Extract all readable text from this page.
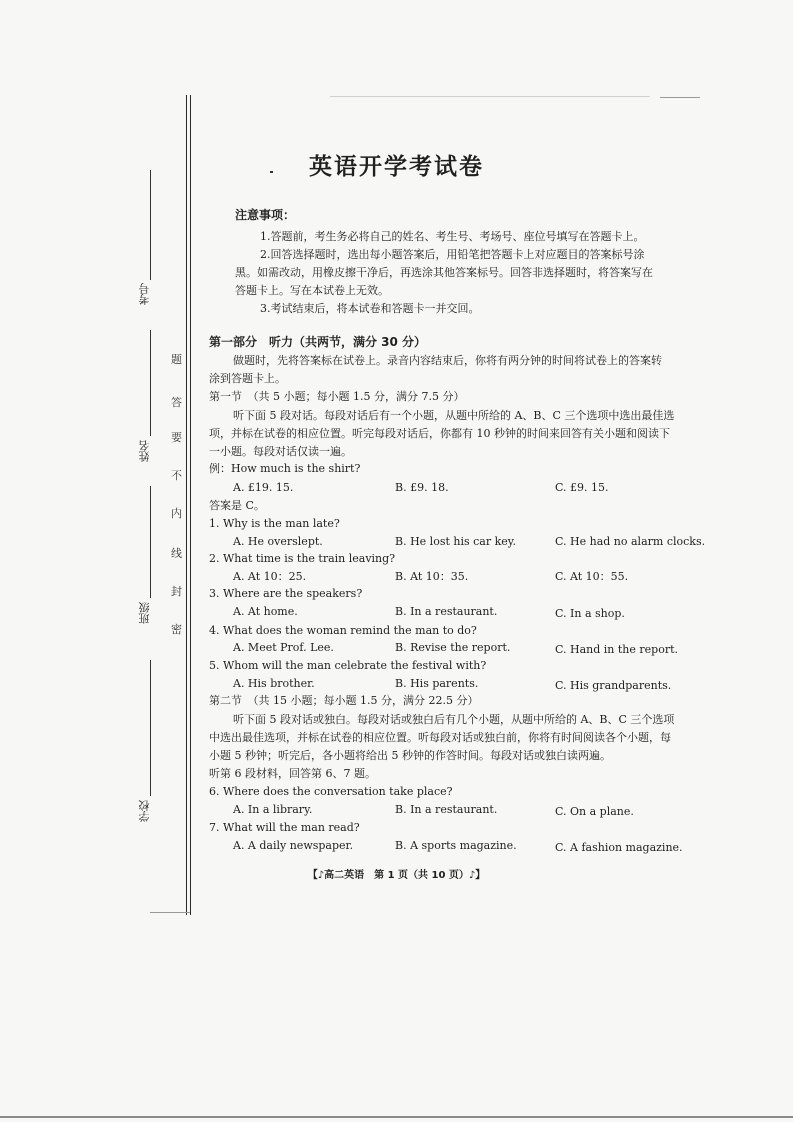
考号
姓名
班级
学校
题
答
要
不
内
线
封
密
英语开学考试卷
注意事项：
1.答题前，考生务必将自己的姓名、考生号、考场号、座位号填写在答题卡上。
2.回答选择题时，选出每小题答案后，用铅笔把答题卡上对应题目的答案标号涂
黑。如需改动，用橡皮擦干净后，再选涂其他答案标号。回答非选择题时，将答案写在
答题卡上。写在本试卷上无效。
3.考试结束后，将本试卷和答题卡一并交回。
第一部分　听力（共两节，满分 30 分）
做题时，先将答案标在试卷上。录音内容结束后，你将有两分钟的时间将试卷上的答案转
涂到答题卡上。
第一节　（共 5 小题；每小题 1.5 分，满分 7.5 分）
听下面 5 段对话。每段对话后有一个小题，从题中所给的 A、B、C 三个选项中选出最佳选
项，并标在试卷的相应位置。听完每段对话后，你都有 10 秒钟的时间来回答有关小题和阅读下
一小题。每段对话仅读一遍。
例：How much is the shirt?
A. £19. 15.	B. £9. 18.	C. £9. 15.
答案是 C。
1. Why is the man late?
A. He overslept.	B. He lost his car key.	C. He had no alarm clocks.
2. What time is the train leaving?
A. At 10：25.	B. At 10：35.	C. At 10：55.
3. Where are the speakers?
A. At home.	B. In a restaurant.	C. In a shop.
4. What does the woman remind the man to do?
A. Meet Prof. Lee.	B. Revise the report.	C. Hand in the report.
5. Whom will the man celebrate the festival with?
A. His brother.	B. His parents.	C. His grandparents.
第二节　（共 15 小题；每小题 1.5 分，满分 22.5 分）
听下面 5 段对话或独白。每段对话或独白后有几个小题，从题中所给的 A、B、C 三个选项
中选出最佳选项，并标在试卷的相应位置。听每段对话或独白前，你将有时间阅读各个小题，每
小题 5 秒钟；听完后，各小题将给出 5 秒钟的作答时间。每段对话或独白读两遍。
听第 6 段材料，回答第 6、7 题。
6. Where does the conversation take place?
A. In a library.	B. In a restaurant.	C. On a plane.
7. What will the man read?
A. A daily newspaper.	B. A sports magazine.	C. A fashion magazine.
【♪高二英语　第 1 页（共 10 页）♪】
